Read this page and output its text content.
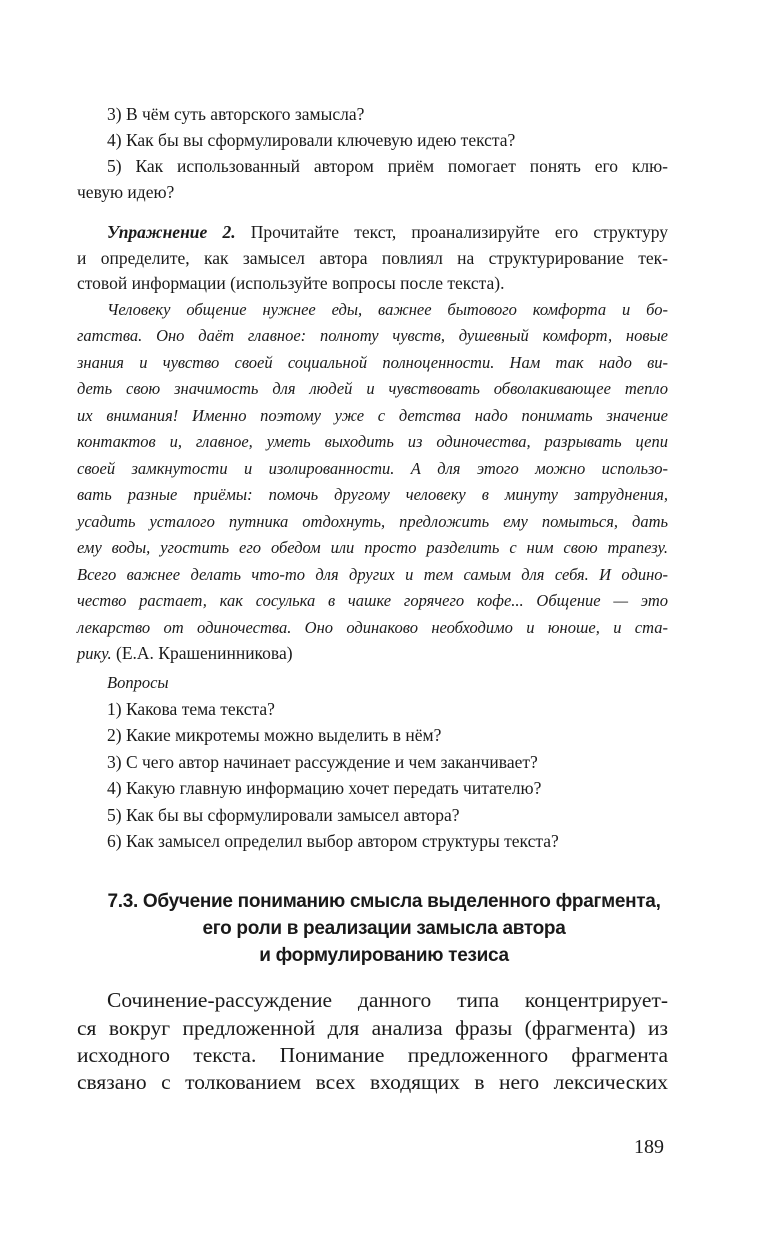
3) В чём суть авторского замысла?
4) Как бы вы сформулировали ключевую идею текста?
5) Как использованный автором приём помогает понять его клю-
чевую идею?
Упражнение 2. Прочитайте текст, проанализируйте его структуру
и определите, как замысел автора повлиял на структурирование тек-
стовой информации (используйте вопросы после текста).
Человеку общение нужнее еды, важнее бытового комфорта и бо-
гатства. Оно даёт главное: полноту чувств, душевный комфорт, новые
знания и чувство своей социальной полноценности. Нам так надо ви-
деть свою значимость для людей и чувствовать обволакивающее тепло
их внимания! Именно поэтому уже с детства надо понимать значение
контактов и, главное, уметь выходить из одиночества, разрывать цепи
своей замкнутости и изолированности. А для этого можно использо-
вать разные приёмы: помочь другому человеку в минуту затруднения,
усадить усталого путника отдохнуть, предложить ему помыться, дать
ему воды, угостить его обедом или просто разделить с ним свою трапезу.
Всего важнее делать что-то для других и тем самым для себя. И одино-
чество растает, как сосулька в чашке горячего кофе... Общение — это
лекарство от одиночества. Оно одинаково необходимо и юноше, и ста-
рику. (Е.А. Крашенинникова)
Вопросы
1) Какова тема текста?
2) Какие микротемы можно выделить в нём?
3) С чего автор начинает рассуждение и чем заканчивает?
4) Какую главную информацию хочет передать читателю?
5) Как бы вы сформулировали замысел автора?
6) Как замысел определил выбор автором структуры текста?
7.3. Обучение пониманию смысла выделенного фрагмента,
его роли в реализации замысла автора
и формулированию тезиса
Сочинение-рассуждение данного типа концентрирует-
ся вокруг предложенной для анализа фразы (фрагмента) из
исходного текста. Понимание предложенного фрагмента
связано с толкованием всех входящих в него лексических
189
